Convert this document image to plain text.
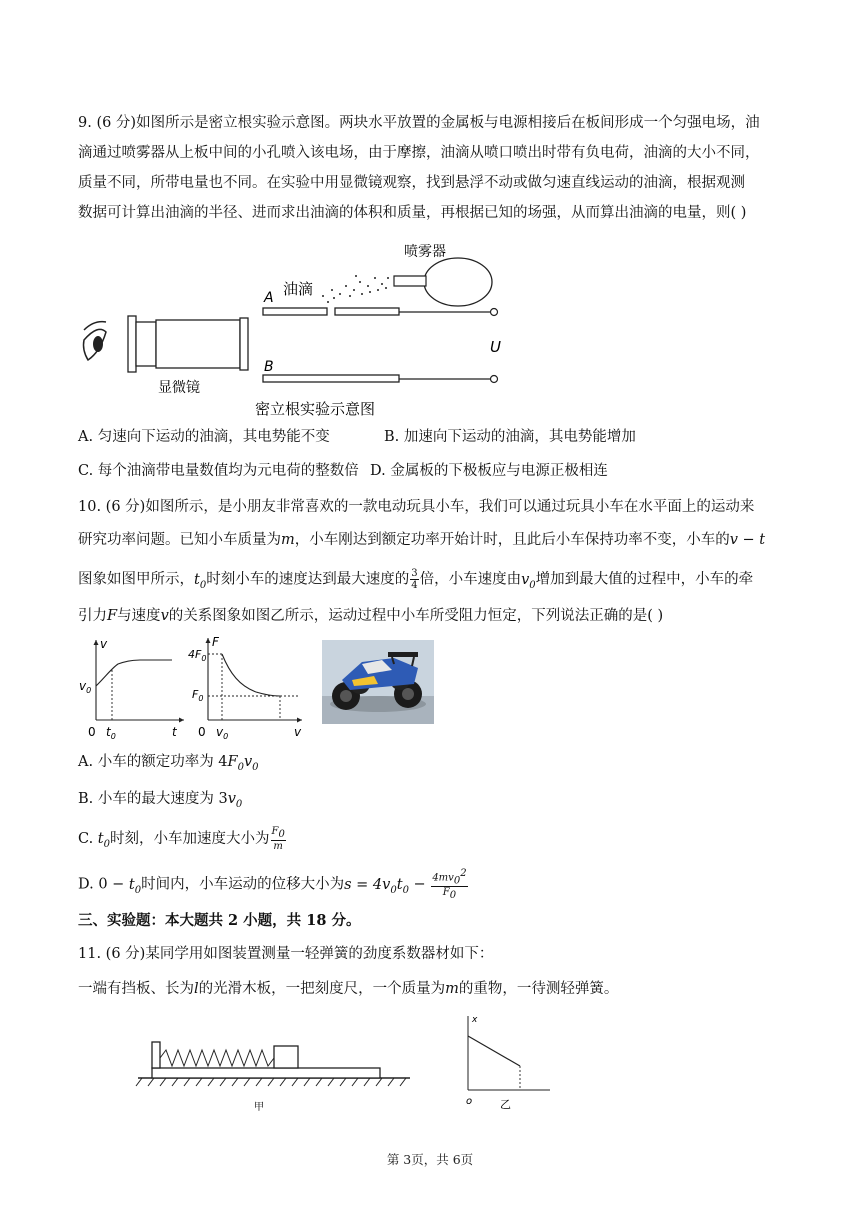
9. (6 分)如图所示是密立根实验示意图。两块水平放置的金属板与电源相接后在板间形成一个匀强电场，油
滴通过喷雾器从上板中间的小孔喷入该电场，由于摩擦，油滴从喷口喷出时带有负电荷，油滴的大小不同，
质量不同，所带电量也不同。在实验中用显微镜观察，找到悬浮不动或做匀速直线运动的油滴，根据观测
数据可计算出油滴的半径、进而求出油滴的体积和质量，再根据已知的场强，从而算出油滴的电量，则( )
显微镜
A
B
U
喷雾器
油滴
密立根实验示意图
A. 匀速向下运动的油滴，其电势能不变	B. 加速向下运动的油滴，其电势能增加
C. 每个油滴带电量数值均为元电荷的整数倍 D. 金属板的下极板应与电源正极相连
10. (6 分)如图所示，是小朋友非常喜欢的一款电动玩具小车，我们可以通过玩具小车在水平面上的运动来
研究功率问题。已知小车质量为m，小车刚达到额定功率开始计时，且此后小车保持功率不变，小车的v − t
图象如图甲所示，$t_0$时刻小车的速度达到最大速度的 $\frac{3}{4}$ 倍，小车速度由$v_0$增加到最大值的过程中，小车的牵
引力F与速度v的关系图象如图乙所示，运动过程中小车所受阻力恒定，下列说法正确的是( )
v
t
0
$v_0$
$t_0$
F
v
0
$4F_0$
$F_0$
$v_0$
A. 小车的额定功率为 $4F_0v_0$
B. 小车的最大速度为 $3v_0$
C. $t_0$时刻，小车加速度大小为 $\frac{F_0}{m}$
D. $0 - t_0$时间内，小车运动的位移大小为$s = 4v_0t_0 - \frac{4mv_0^2}{F_0}$
三、实验题：本大题共 2 小题，共 18 分。
11. (6 分)某同学用如图装置测量一轻弹簧的劲度系数器材如下：
一端有挡板、长为l的光滑木板，一把刻度尺，一个质量为m的重物，一待测轻弹簧。
甲
x
o	乙
第 3页，共 6页
